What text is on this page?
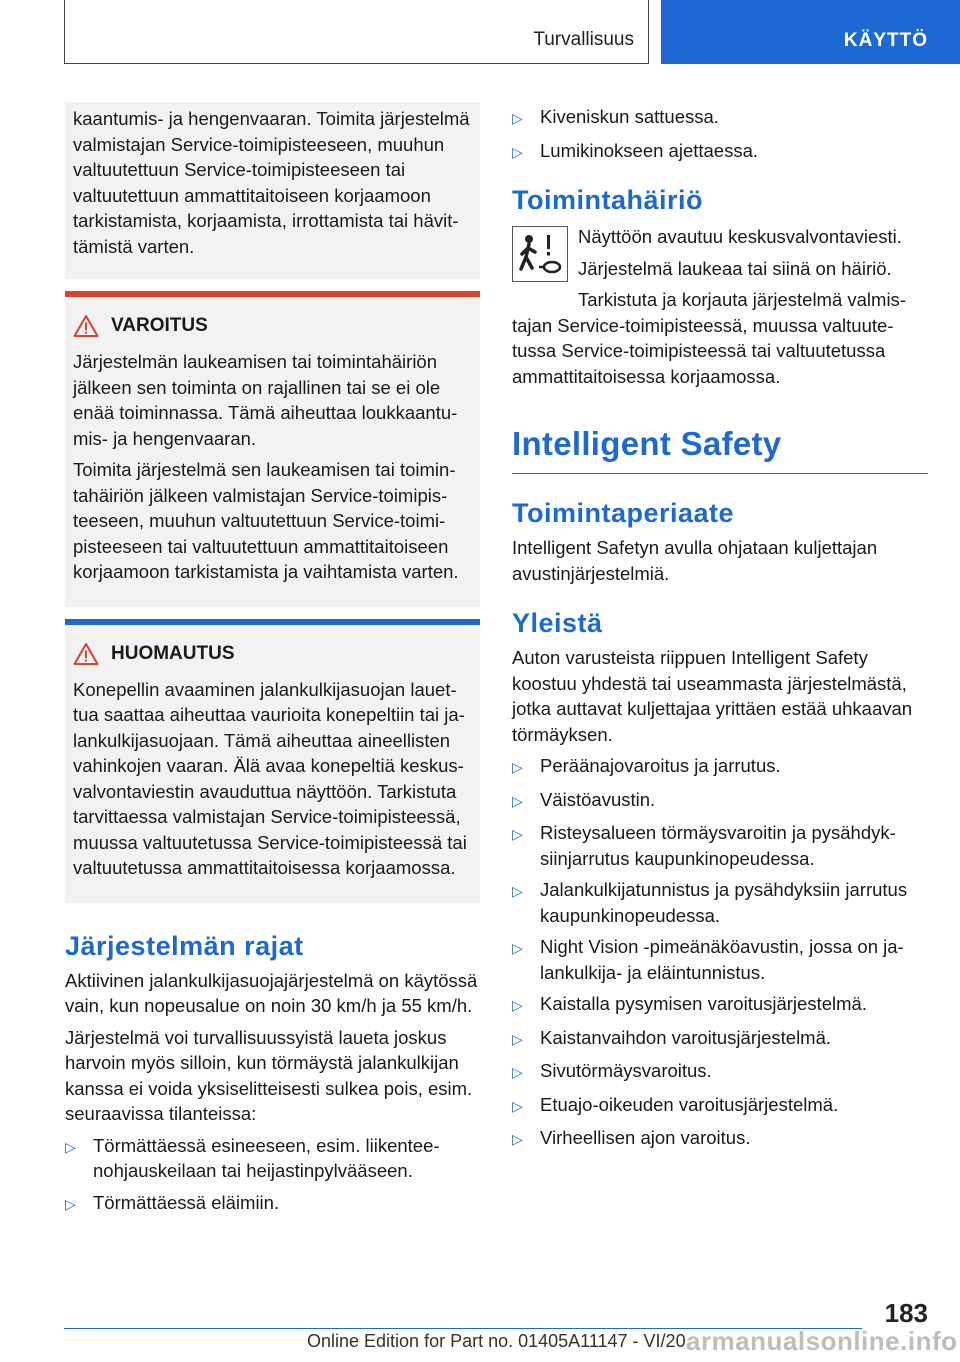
Turvallisuus	KÄYTTÖ

kaantumis- ja hengenvaaran. Toimita järjestelmä valmistajan Service-toimipisteeseen, muuhun valtuutettuun Service-toimipisteeseen tai valtuutettuun ammattitaitoiseen korjaamoon tarkistamista, korjaamista, irrottamista tai hävittämistä varten.

VAROITUS

Järjestelmän laukeamisen tai toimintahäiriön jälkeen sen toiminta on rajallinen tai se ei ole enää toiminnassa. Tämä aiheuttaa loukkaantumis- ja hengenvaaran.

Toimita järjestelmä sen laukeamisen tai toimintahäiriön jälkeen valmistajan Service-toimipisteeseen, muuhun valtuutettuun Service-toimipisteeseen tai valtuutettuun ammattitaitoiseen korjaamoon tarkistamista ja vaihtamista varten.

HUOMAUTUS

Konepellin avaaminen jalankulkijasuojan lauettua saattaa aiheuttaa vaurioita konepeltiin tai jalankulkijasuojaan. Tämä aiheuttaa aineellisten vahinkojen vaaran. Älä avaa konepeltiä keskusvalvontaviestin avauduttua näyttöön. Tarkistuta tarvittaessa valmistajan Service-toimipisteessä, muussa valtuutetussa Service-toimipisteessä tai valtuutetussa ammattitaitoisessa korjaamossa.

Järjestelmän rajat

Aktiivinen jalankulkijasuojajärjestelmä on käytössä vain, kun nopeusalue on noin 30 km/h ja 55 km/h.

Järjestelmä voi turvallisuussyistä laueta joskus harvoin myös silloin, kun törmäystä jalankulkijan kanssa ei voida yksiselitteisesti sulkea pois, esim. seuraavissa tilanteissa:

▷ Törmättäessä esineeseen, esim. liikenteenohjauskeilaan tai heijastinpylvääseen.
▷ Törmättäessä eläimiin.
▷ Kiveniskun sattuessa.
▷ Lumikinokseen ajettaessa.
Toimintahäiriö

Näyttöön avautuu keskusvalvontaviesti.

Järjestelmä laukeaa tai siinä on häiriö.

Tarkistuta ja korjauta järjestelmä valmistajan Service-toimipisteessä, muussa valtuutetussa Service-toimipisteessä tai valtuutetussa ammattitaitoisessa korjaamossa.

Intelligent Safety
Toimintaperiaate

Intelligent Safetyn avulla ohjataan kuljettajan avustinjärjestelmiä.

Yleistä

Auton varusteista riippuen Intelligent Safety koostuu yhdestä tai useammasta järjestelmästä, jotka auttavat kuljettajaa yrittäen estää uhkaavan törmäyksen.

▷ Peräänajovaroitus ja jarrutus.
▷ Väistöavustin.
▷ Risteysalueen törmäysvaroitin ja pysähdyksiinjarrutus kaupunkinopeudessa.
▷ Jalankulkijatunnistus ja pysähdyksiin jarrutus kaupunkinopeudessa.
▷ Night Vision -pimeänäköavustin, jossa on jalankulkija- ja eläintunnistus.
▷ Kaistalla pysymisen varoitusjärjestelmä.
▷ Kaistanvaihdon varoitusjärjestelmä.
▷ Sivutörmäysvaroitus.
▷ Etuajo-oikeuden varoitusjärjestelmä.
▷ Virheellisen ajon varoitus.
183
Online Edition for Part no. 01405A11147 - VI/20 armanualsonline.info
